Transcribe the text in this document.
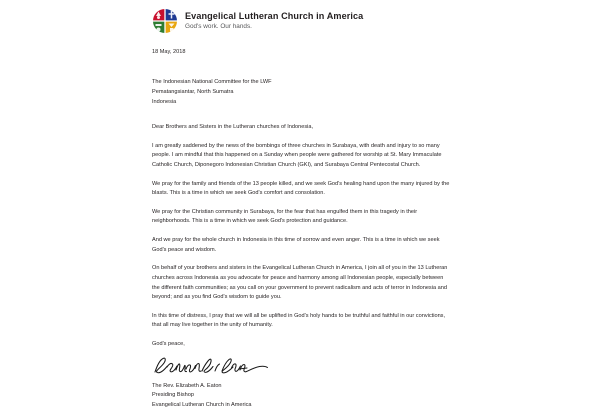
Evangelical Lutheran Church in America
God's work. Our hands.

18 May, 2018

The Indonesian National Committee for the LWF
Pematangsiantar, North Sumatra
Indonesia

Dear Brothers and Sisters in the Lutheran churches of Indonesia,

I am greatly saddened by the news of the bombings of three churches in Surabaya, with death and injury to so many people. I am mindful that this happened on a Sunday when people were gathered for worship at St. Mary Immaculate Catholic Church, Diponegoro Indonesian Christian Church (GKI), and Surabaya Central Pentecostal Church.

We pray for the family and friends of the 13 people killed, and we seek God's healing hand upon the many injured by the blasts. This is a time in which we seek God's comfort and consolation.

We pray for the Christian community in Surabaya, for the fear that has engulfed them in this tragedy in their neighborhoods. This is a time in which we seek God's protection and guidance.

And we pray for the whole church in Indonesia in this time of sorrow and even anger. This is a time in which we seek God's peace and wisdom.

On behalf of your brothers and sisters in the Evangelical Lutheran Church in America, I join all of you in the 13 Lutheran churches across Indonesia as you advocate for peace and harmony among all Indonesian people, especially between the different faith communities; as you call on your government to prevent radicalism and acts of terror in Indonesia and beyond; and as you find God's wisdom to guide you.

In this time of distress, I pray that we will all be uplifted in God's holy hands to be truthful and faithful in our convictions, that all may live together in the unity of humanity.

God's peace,

The Rev. Elizabeth A. Eaton
Presiding Bishop
Evangelical Lutheran Church in America
